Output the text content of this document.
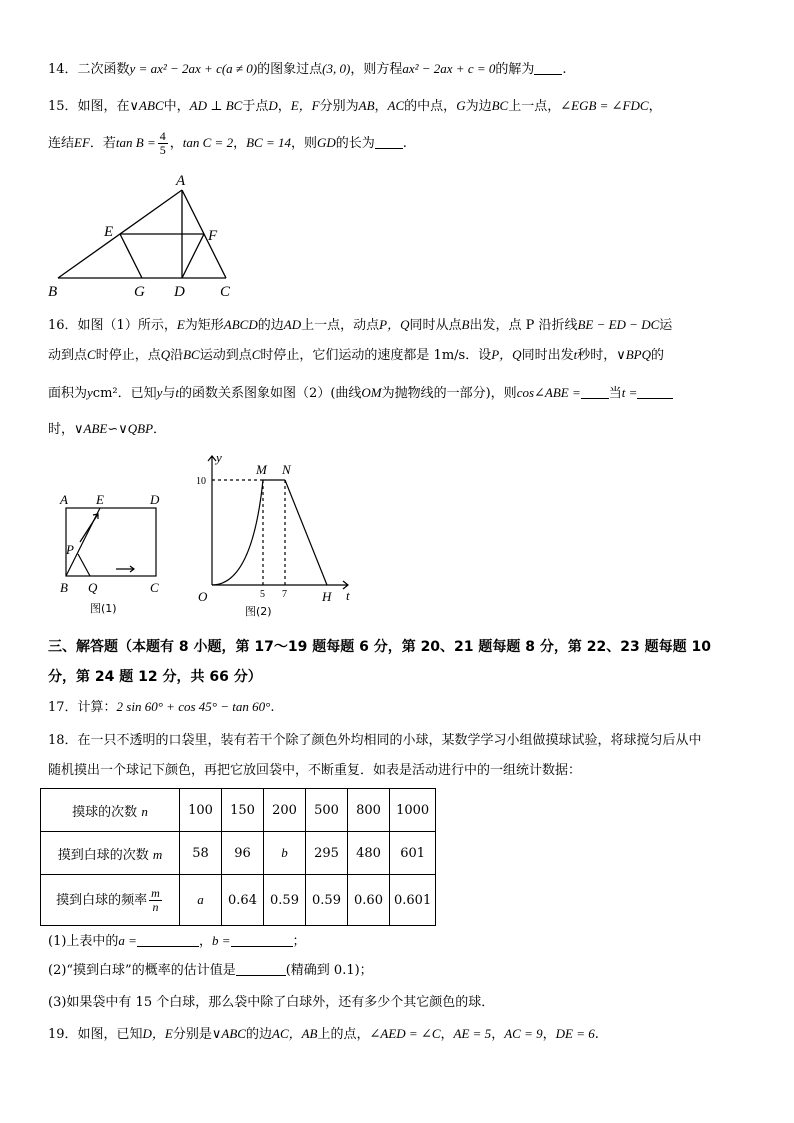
14．二次函数y = ax² − 2ax + c(a ≠ 0)的图象过点(3, 0)，则方程ax² − 2ax + c = 0的解为 .
15．如图，在∨ABC中，AD ⊥ BC于点D，E，F分别为AB，AC的中点，G为边BC上一点，∠EGB = ∠FDC，
连结EF．若$\tan B = \frac{4}{5}$ ，tan C = 2，BC = 14，则GD的长为 .
A
B	C
D
E	F
G
16．如图（1）所示，E为矩形ABCD的边AD上一点，动点P，Q同时从点B出发，点 P 沿折线BE − ED − DC运
动到点C时停止，点Q沿BC运动到点C时停止，它们运动的速度都是 1m/s．设P，Q同时出发t秒时，∨BPQ的
面积为ycm²．已知y与t的函数关系图象如图（2）(曲线OM为抛物线的一部分)，则cos∠ABE = 当t =
时，∨ABE∽∨QBP．
A E	D
P
B Q	C
图(1)
y
M N
O	H t
10
5 7
图(2)
三、解答题（本题有 8 小题，第 17～19 题每题 6 分，第 20、21 题每题 8 分，第 22、23 题每题 10
分，第 24 题 12 分，共 66 分）
17．计算：2 sin 60° + cos 45° − tan 60°.
18．在一只不透明的口袋里，装有若干个除了颜色外均相同的小球，某数学学习小组做摸球试验，将球搅匀后从中
随机摸出一个球记下颜色，再把它放回袋中，不断重复．如表是活动进行中的一组统计数据：
摸球的次数 n	100	150	200	500	800	1000
摸到白球的次数 m	58	96	b	295	480	601
摸到白球的频率 $\frac{m}{n}$	a	0.64	0.59	0.59	0.60	0.601
(1)上表中的a =	，b =	；
(2)“摸到白球”的概率的估计值是	(精确到 0.1)；
(3)如果袋中有 15 个白球，那么袋中除了白球外，还有多少个其它颜色的球．
19．如图，已知D，E分别是∨ABC的边AC，AB上的点，∠AED = ∠C，AE = 5，AC = 9，DE = 6.
